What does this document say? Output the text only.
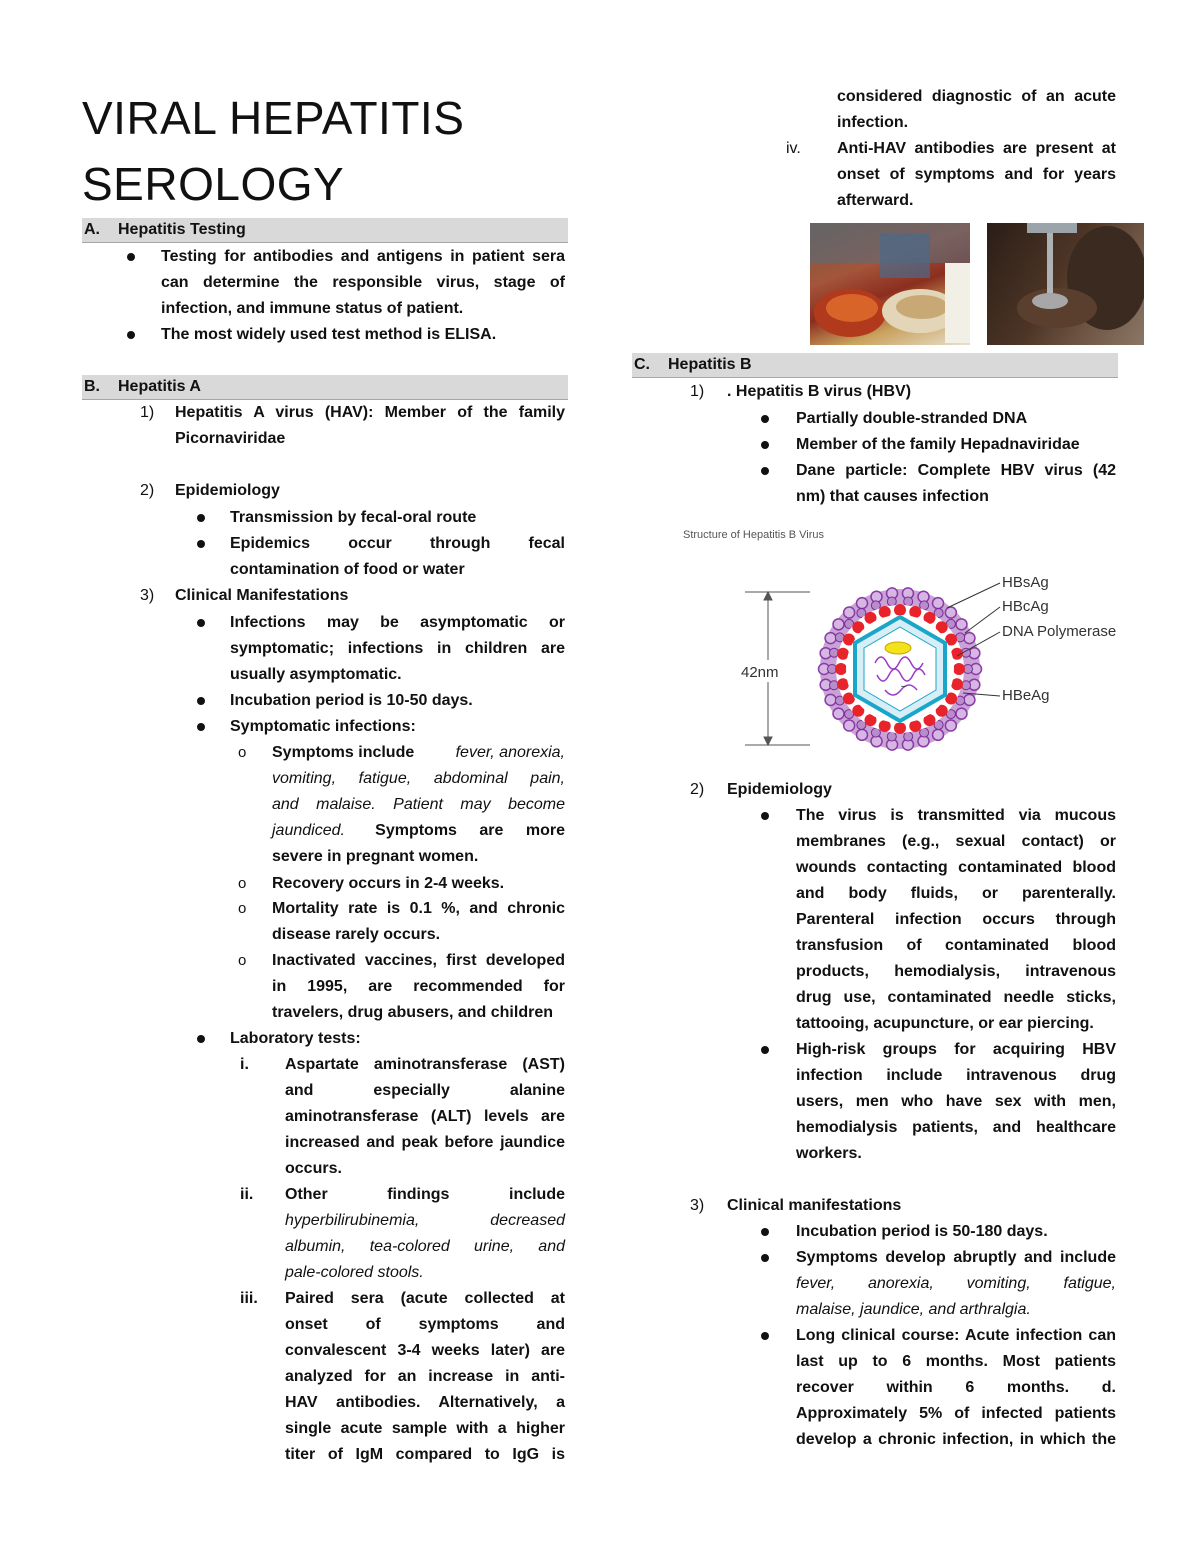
VIRAL HEPATITIS
SEROLOGY
A. Hepatitis Testing
Testing for antibodies and antigens in patient sera
can determine the responsible virus, stage of
infection, and immune status of patient.
The most widely used test method is ELISA.
B. Hepatitis A
1) Hepatitis A virus (HAV): Member of the family
Picornaviridae
2) Epidemiology
Transmission by fecal-oral route
Epidemics occur through fecal
contamination of food or water
3) Clinical Manifestations
Infections may be asymptomatic or
symptomatic; infections in children are
usually asymptomatic.
Incubation period is 10-50 days.
Symptomatic infections:
o Symptoms include	fever, anorexia,
vomiting, fatigue, abdominal pain,
and malaise. Patient may become
jaundiced. Symptoms are more
severe in pregnant women.
o Recovery occurs in 2-4 weeks.
o Mortality rate is 0.1 %, and chronic
disease rarely occurs.
o Inactivated vaccines, first developed
in 1995, are recommended for
travelers, drug abusers, and children
Laboratory tests:
i. Aspartate aminotransferase (AST)
and especially alanine
aminotransferase (ALT) levels are
increased and peak before jaundice
occurs.
ii. Other findings include
hyperbilirubinemia, decreased
albumin, tea-colored urine, and
pale-colored stools.
iii. Paired sera (acute collected at
onset of symptoms and
convalescent 3-4 weeks later) are
analyzed for an increase in anti-
HAV antibodies. Alternatively, a
single acute sample with a higher
titer of IgM compared to IgG is
considered diagnostic of an acute
infection.
iv. Anti-HAV antibodies are present at
onset of symptoms and for years
afterward.
C. Hepatitis B
1) . Hepatitis B virus (HBV)
Partially double-stranded DNA
Member of the family Hepadnaviridae
Dane particle: Complete HBV virus (42
nm) that causes infection
Structure of Hepatitis B Virus
42nm
–
HBsAg
HBcAg
DNA Polymerase
HBeAg
2) Epidemiology
The virus is transmitted via mucous
membranes (e.g., sexual contact) or
wounds contacting contaminated blood
and body fluids, or parenterally.
Parenteral infection occurs through
transfusion of contaminated blood
products, hemodialysis, intravenous
drug use, contaminated needle sticks,
tattooing, acupuncture, or ear piercing.
High-risk groups for acquiring HBV
infection include intravenous drug
users, men who have sex with men,
hemodialysis patients, and healthcare
workers.
3) Clinical manifestations
Incubation period is 50-180 days.
Symptoms develop abruptly and include
fever, anorexia, vomiting, fatigue,
malaise, jaundice, and arthralgia.
Long clinical course: Acute infection can
last up to 6 months. Most patients
recover within 6 months. d.
Approximately 5% of infected patients
develop a chronic infection, in which the
